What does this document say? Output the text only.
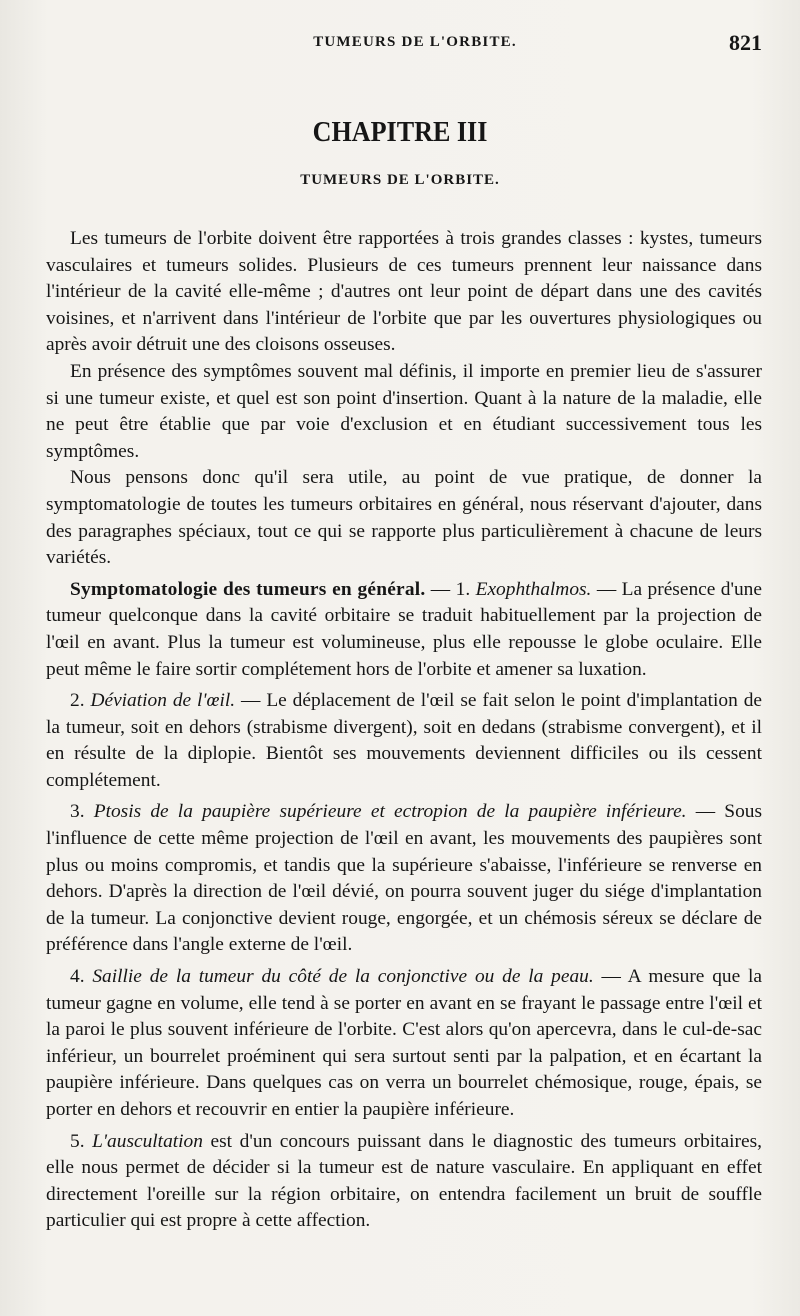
TUMEURS DE L'ORBITE.	821
CHAPITRE III
TUMEURS DE L'ORBITE.

Les tumeurs de l'orbite doivent être rapportées à trois grandes classes : kystes, tumeurs vasculaires et tumeurs solides. Plusieurs de ces tumeurs prennent leur naissance dans l'intérieur de la cavité elle-même ; d'autres ont leur point de départ dans une des cavités voisines, et n'arrivent dans l'intérieur de l'orbite que par les ouvertures physiologiques ou après avoir détruit une des cloisons osseuses.

En présence des symptômes souvent mal définis, il importe en premier lieu de s'assurer si une tumeur existe, et quel est son point d'insertion. Quant à la nature de la maladie, elle ne peut être établie que par voie d'exclusion et en étudiant successivement tous les symptômes.

Nous pensons donc qu'il sera utile, au point de vue pratique, de donner la symptomatologie de toutes les tumeurs orbitaires en général, nous réservant d'ajouter, dans des paragraphes spéciaux, tout ce qui se rapporte plus particulièrement à chacune de leurs variétés.

Symptomatologie des tumeurs en général. — 1. Exophthalmos. — La présence d'une tumeur quelconque dans la cavité orbitaire se traduit habituellement par la projection de l'œil en avant. Plus la tumeur est volumineuse, plus elle repousse le globe oculaire. Elle peut même le faire sortir complétement hors de l'orbite et amener sa luxation.

2. Déviation de l'œil. — Le déplacement de l'œil se fait selon le point d'implantation de la tumeur, soit en dehors (strabisme divergent), soit en dedans (strabisme convergent), et il en résulte de la diplopie. Bientôt ses mouvements deviennent difficiles ou ils cessent complétement.

3. Ptosis de la paupière supérieure et ectropion de la paupière inférieure. — Sous l'influence de cette même projection de l'œil en avant, les mouvements des paupières sont plus ou moins compromis, et tandis que la supérieure s'abaisse, l'inférieure se renverse en dehors. D'après la direction de l'œil dévié, on pourra souvent juger du siége d'implantation de la tumeur. La conjonctive devient rouge, engorgée, et un chémosis séreux se déclare de préférence dans l'angle externe de l'œil.

4. Saillie de la tumeur du côté de la conjonctive ou de la peau. — A mesure que la tumeur gagne en volume, elle tend à se porter en avant en se frayant le passage entre l'œil et la paroi le plus souvent inférieure de l'orbite. C'est alors qu'on apercevra, dans le cul-de-sac inférieur, un bourrelet proéminent qui sera surtout senti par la palpation, et en écartant la paupière inférieure. Dans quelques cas on verra un bourrelet chémosique, rouge, épais, se porter en dehors et recouvrir en entier la paupière inférieure.

5. L'auscultation est d'un concours puissant dans le diagnostic des tumeurs orbitaires, elle nous permet de décider si la tumeur est de nature vasculaire. En appliquant en effet directement l'oreille sur la région orbitaire, on entendra facilement un bruit de souffle particulier qui est propre à cette affection.
